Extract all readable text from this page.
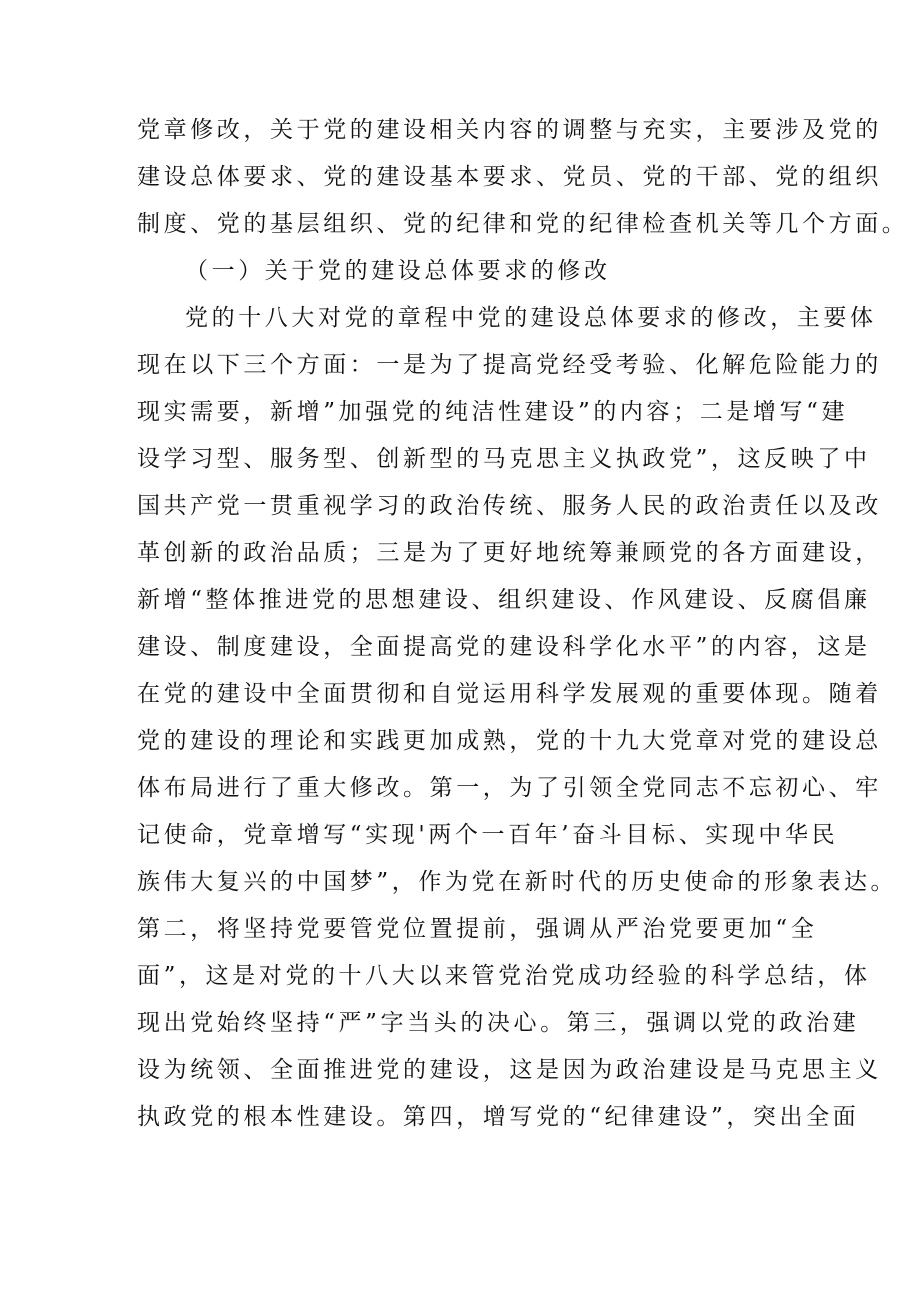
党章修改，关于党的建设相关内容的调整与充实，主要涉及党的
建设总体要求、党的建设基本要求、党员、党的干部、党的组织
制度、党的基层组织、党的纪律和党的纪律检查机关等几个方面。
（一）关于党的建设总体要求的修改
党的十八大对党的章程中党的建设总体要求的修改，主要体
现在以下三个方面：一是为了提高党经受考验、化解危险能力的
现实需要，新增”加强党的纯洁性建设”的内容；二是增写“建
设学习型、服务型、创新型的马克思主义执政党”，这反映了中
国共产党一贯重视学习的政治传统、服务人民的政治责任以及改
革创新的政治品质；三是为了更好地统筹兼顾党的各方面建设，
新增“整体推进党的思想建设、组织建设、作风建设、反腐倡廉
建设、制度建设，全面提高党的建设科学化水平”的内容，这是
在党的建设中全面贯彻和自觉运用科学发展观的重要体现。随着
党的建设的理论和实践更加成熟，党的十九大党章对党的建设总
体布局进行了重大修改。第一，为了引领全党同志不忘初心、牢
记使命，党章增写“实现'两个一百年’奋斗目标、实现中华民
族伟大复兴的中国梦”，作为党在新时代的历史使命的形象表达。
第二，将坚持党要管党位置提前，强调从严治党要更加“全
面”，这是对党的十八大以来管党治党成功经验的科学总结，体
现出党始终坚持“严”字当头的决心。第三，强调以党的政治建
设为统领、全面推进党的建设，这是因为政治建设是马克思主义
执政党的根本性建设。第四，增写党的“纪律建设”，突出全面
